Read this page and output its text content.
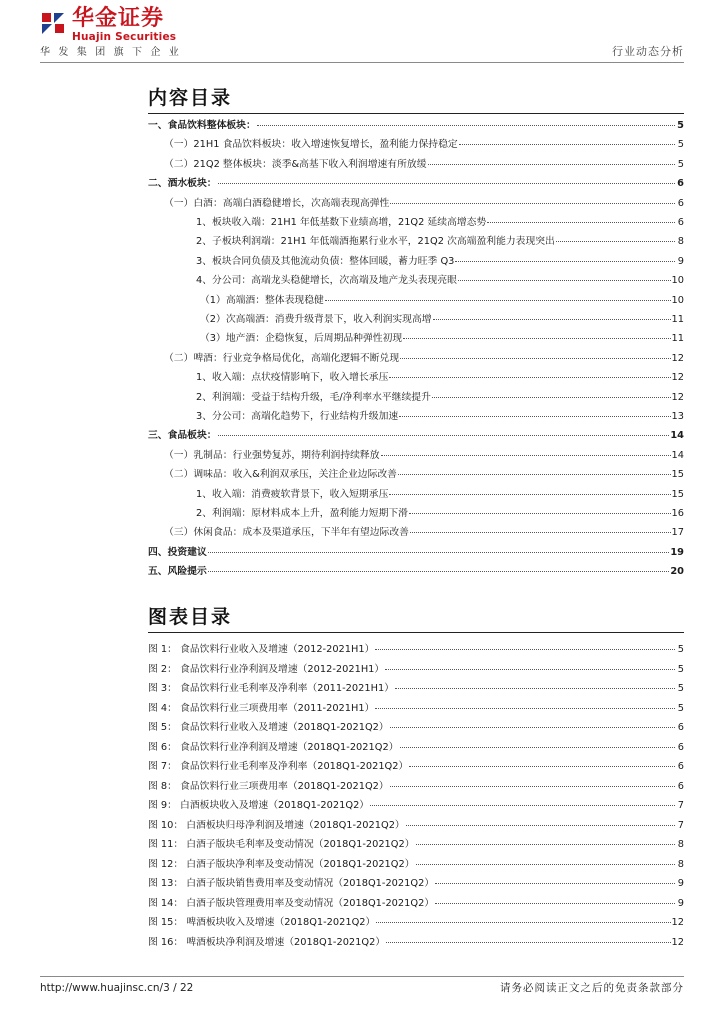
华金证券
Huajin Securities
华发集团旗下企业	行业动态分析
内容目录
一、食品饮料整体板块：	5
（一）21H1 食品饮料板块：收入增速恢复增长，盈利能力保持稳定	5
（二）21Q2 整体板块：淡季&高基下收入利润增速有所放缓	5
二、酒水板块：	6
（一）白酒：高端白酒稳健增长，次高端表现高弹性	6
1、板块收入端：21H1 年低基数下业绩高增，21Q2 延续高增态势	6
2、子板块利润端：21H1 年低端酒拖累行业水平，21Q2 次高端盈利能力表现突出	8
3、板块合同负债及其他流动负债：整体回暖，蓄力旺季 Q3	9
4、分公司：高端龙头稳健增长，次高端及地产龙头表现亮眼	10
（1）高端酒：整体表现稳健	10
（2）次高端酒：消费升级背景下，收入利润实现高增	11
（3）地产酒：企稳恢复，后周期品种弹性初现	11
（二）啤酒：行业竞争格局优化，高端化逻辑不断兑现	12
1、收入端：点状疫情影响下，收入增长承压	12
2、利润端：受益于结构升级，毛/净利率水平继续提升	12
3、分公司：高端化趋势下，行业结构升级加速	13
三、食品板块：	14
（一）乳制品：行业强势复苏，期待利润持续释放	14
（二）调味品：收入&利润双承压，关注企业边际改善	15
1、收入端：消费疲软背景下，收入短期承压	15
2、利润端：原材料成本上升，盈利能力短期下滑	16
（三）休闲食品：成本及渠道承压，下半年有望边际改善	17
四、投资建议	19
五、风险提示	20
图表目录
图 1： 食品饮料行业收入及增速（2012-2021H1）	5
图 2： 食品饮料行业净利润及增速（2012-2021H1）	5
图 3： 食品饮料行业毛利率及净利率（2011-2021H1）	5
图 4： 食品饮料行业三项费用率（2011-2021H1）	5
图 5： 食品饮料行业收入及增速（2018Q1-2021Q2）	6
图 6： 食品饮料行业净利润及增速（2018Q1-2021Q2）	6
图 7： 食品饮料行业毛利率及净利率（2018Q1-2021Q2）	6
图 8： 食品饮料行业三项费用率（2018Q1-2021Q2）	6
图 9： 白酒板块收入及增速（2018Q1-2021Q2）	7
图 10： 白酒板块归母净利润及增速（2018Q1-2021Q2）	7
图 11： 白酒子版块毛利率及变动情况（2018Q1-2021Q2）	8
图 12： 白酒子版块净利率及变动情况（2018Q1-2021Q2）	8
图 13： 白酒子版块销售费用率及变动情况（2018Q1-2021Q2）	9
图 14： 白酒子版块管理费用率及变动情况（2018Q1-2021Q2）	9
图 15： 啤酒板块收入及增速（2018Q1-2021Q2）	12
图 16： 啤酒板块净利润及增速（2018Q1-2021Q2）	12
http://www.huajinsc.cn/3 / 22	请务必阅读正文之后的免责条款部分
